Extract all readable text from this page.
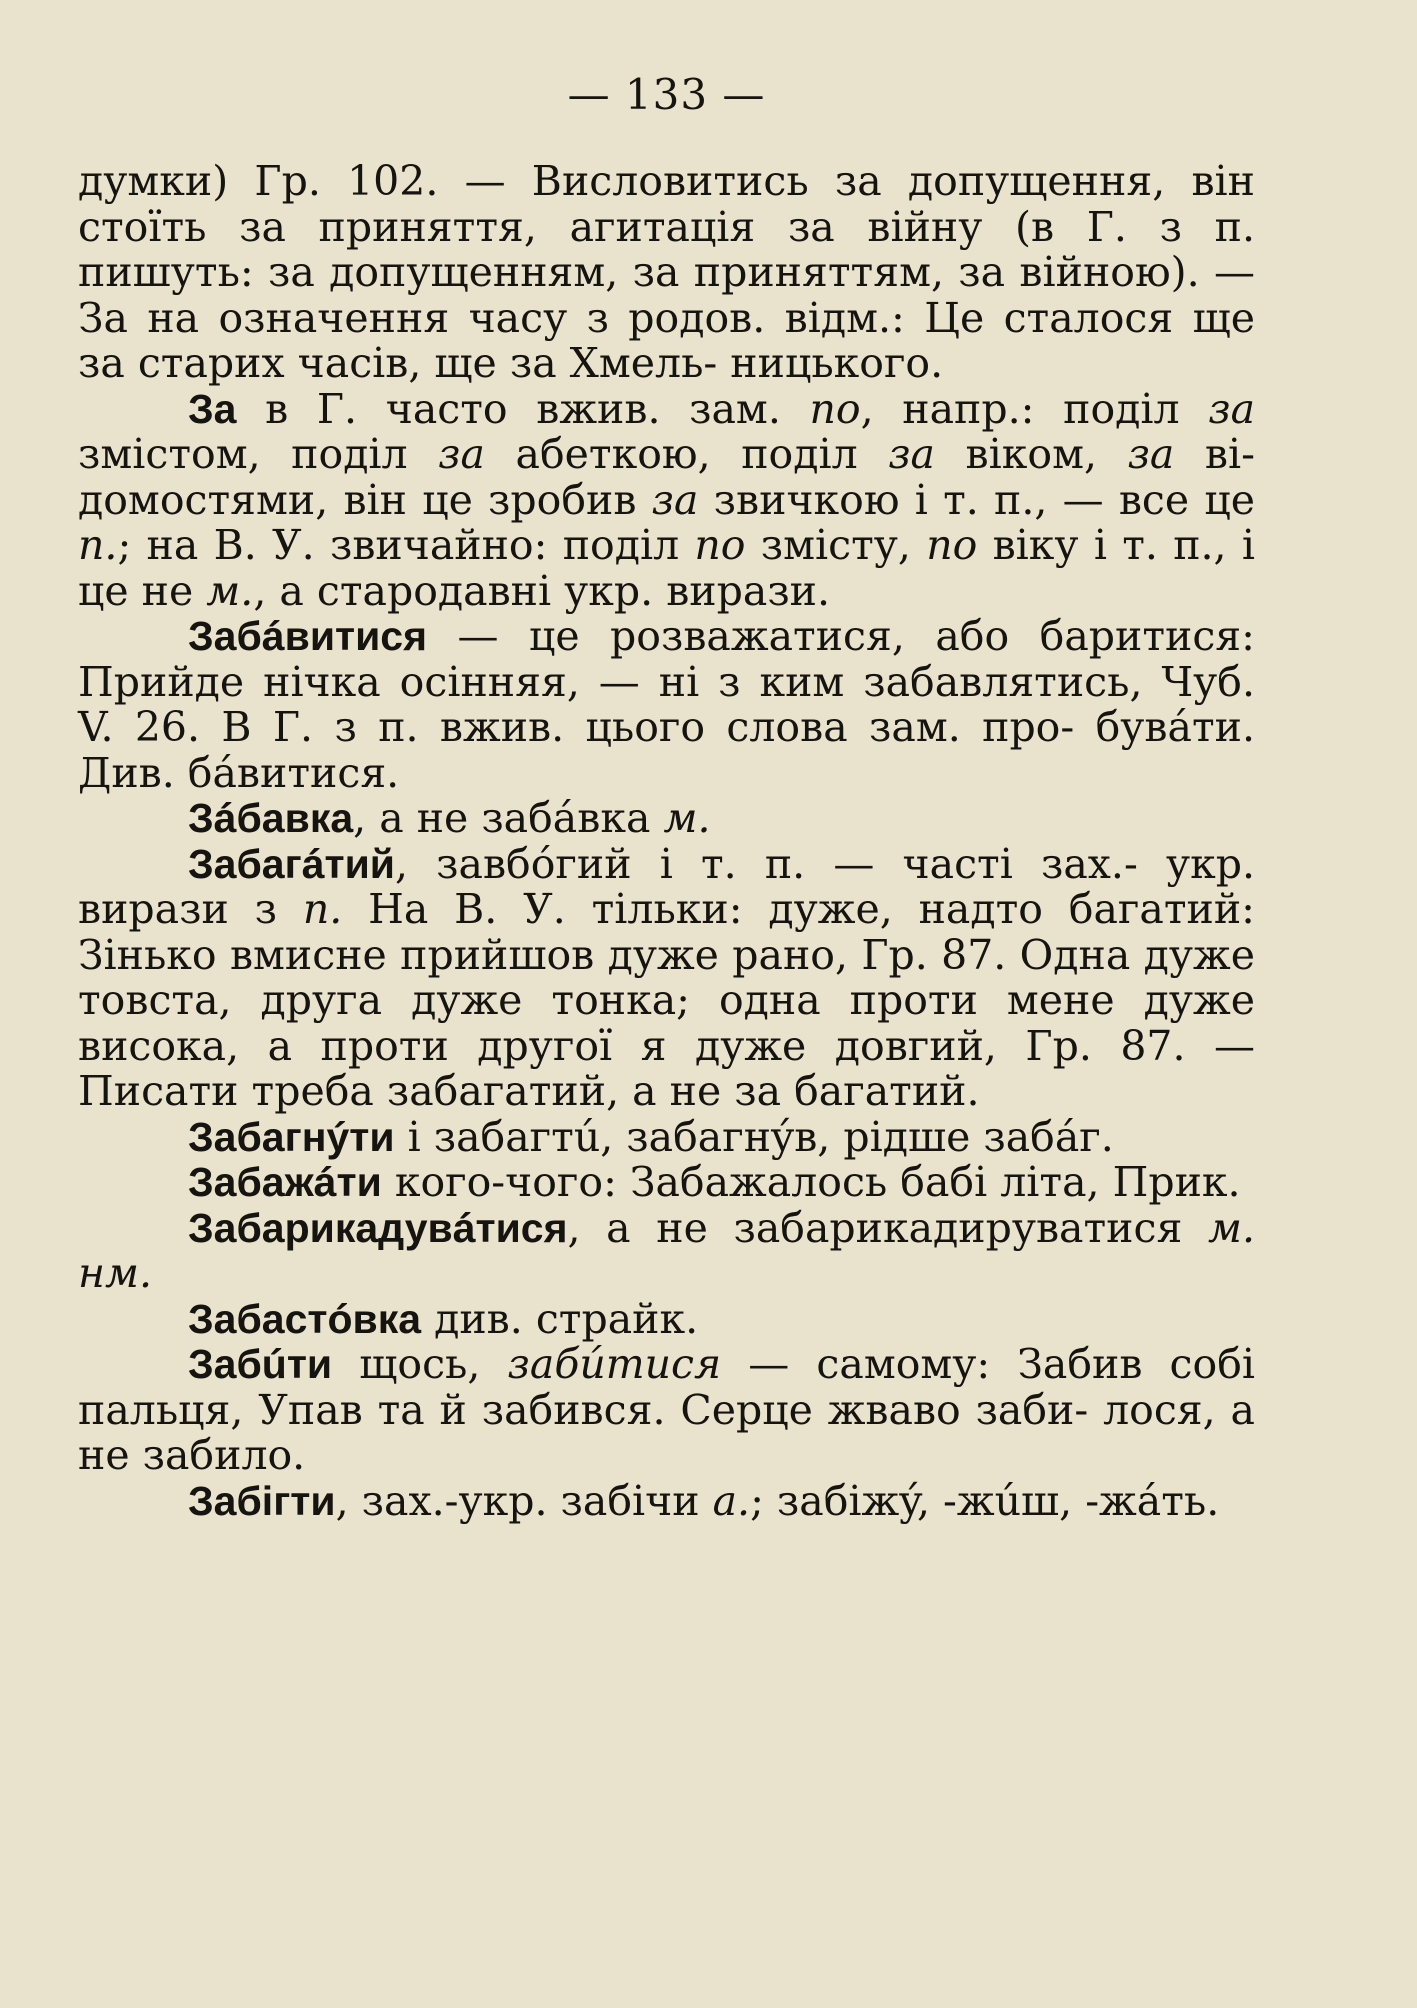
— 133 —

думки) Гр. 102. — Висловитись за допущення, він стоїть за приняття, агитація за війну (в Г. з п. пишуть: за допущенням, за приняттям, за війною). — За на означення часу з родов. відм.: Це сталося ще за старих часів, ще за Хмель- ницького.

За в Г. часто вжив. зам. по, напр.: поділ за змістом, поділ за абеткою, поділ за віком, за ві- домостями, він це зробив за звичкою і т. п., — все це п.; на В. У. звичайно: поділ по змісту, по віку і т. п., і це не м., а стародавні укр. вирази.

Забáвитися — це розважатися, або баритися: Прийде нічка осінняя, — ні з ким забавлятись, Чуб. V. 26. В Г. з п. вжив. цього слова зам. про- бувáти. Див. бáвитися.

Зáбавка, а не забáвка м.

Забагáтий, завбóгий і т. п. — часті зах.- укр. вирази з п. На В. У. тільки: дуже, надто багатий: Зінько вмисне прийшов дуже рано, Гр. 87. Одна дуже товста, друга дуже тонка; одна проти мене дуже висока, а проти другої я дуже довгий, Гр. 87. — Писати треба забагатий, а не за багатий.

Забагнýти і забагтú, забагнýв, рідше забáг.

Забажáти кого-чого: Забажалось бабі літа, Прик.

Забарикадувáтися, а не забарикадируватися м. нм.

Забастóвка див. страйк.

Забúти щось, забúтися — самому: Забив собі пальця, Упав та й забився. Серце жваво заби- лося, а не забило.

Забігти, зах.-укр. забічи а.; забіжý, -жúш, -жáть.
